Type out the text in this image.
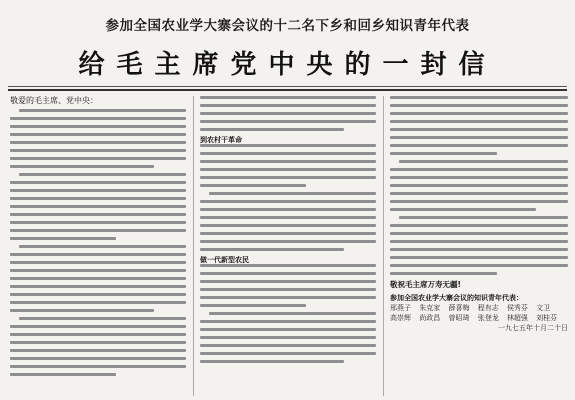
参加全国农业学大寨会议的十二名下乡和回乡知识青年代表
给毛主席党中央的一封信
敬爱的毛主席、党中央：
到农村干革命
做一代新型农民
敬祝毛主席万寿无疆!
参加全国农业学大寨会议的知识青年代表：
邢燕子 朱克家 薛喜梅 程有志 侯秀芬 文卫 高崇辉 尚政昌 曾昭琦 张登龙 林超强 刘桂芬
一九七五年十月二十日
